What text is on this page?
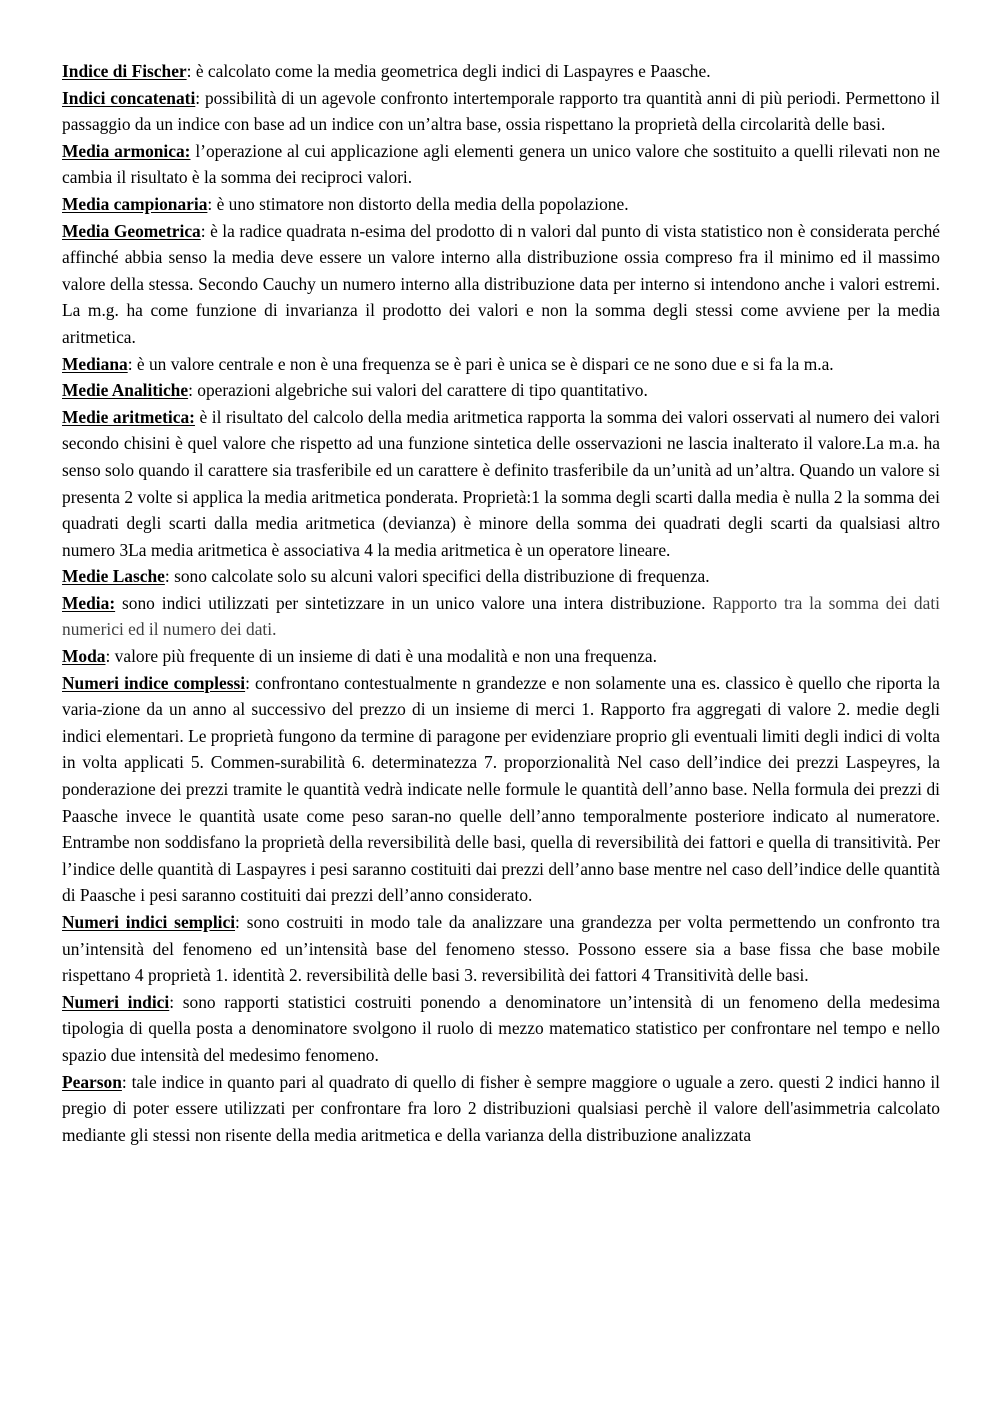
Indice di Fischer: è calcolato come la media geometrica degli indici di Laspayres e Paasche.

Indici concatenati: possibilità di un agevole confronto intertemporale rapporto tra quantità anni di più periodi. Permettono il passaggio da un indice con base ad un indice con un’altra base, ossia rispettano la proprietà della circolarità delle basi.

Media armonica: l’operazione al cui applicazione agli elementi genera un unico valore che sostituito a quelli rilevati non ne cambia il risultato è la somma dei reciproci valori.

Media campionaria: è uno stimatore non distorto della media della popolazione.

Media Geometrica: è la radice quadrata n-esima del prodotto di n valori dal punto di vista statistico non è considerata perché affinché abbia senso la media deve essere un valore interno alla distribuzione ossia compreso fra il minimo ed il massimo valore della stessa. Secondo Cauchy un numero interno alla distribuzione data per interno si intendono anche i valori estremi. La m.g. ha come funzione di invarianza il prodotto dei valori e non la somma degli stessi come avviene per la media aritmetica.

Mediana: è un valore centrale e non è una frequenza se è pari è unica se è dispari ce ne sono due e si fa la m.a.

Medie Analitiche: operazioni algebriche sui valori del carattere di tipo quantitativo.

Medie aritmetica: è il risultato del calcolo della media aritmetica rapporta la somma dei valori osservati al numero dei valori secondo chisini è quel valore che rispetto ad una funzione sintetica delle osservazioni ne lascia inalterato il valore.La m.a. ha senso solo quando il carattere sia trasferibile ed un carattere è definito trasferibile da un’unità ad un’altra. Quando un valore si presenta 2 volte si applica la media aritmetica ponderata. Proprietà:1 la somma degli scarti dalla media è nulla 2 la somma dei quadrati degli scarti dalla media aritmetica (devianza) è minore della somma dei quadrati degli scarti da qualsiasi altro numero 3La media aritmetica è associativa 4 la media aritmetica è un operatore lineare.

Medie Lasche: sono calcolate solo su alcuni valori specifici della distribuzione di frequenza.

Media: sono indici utilizzati per sintetizzare in un unico valore una intera distribuzione. Rapporto tra la somma dei dati numerici ed il numero dei dati.

Moda: valore più frequente di un insieme di dati è una modalità e non una frequenza.

Numeri indice complessi: confrontano contestualmente n grandezze e non solamente una es. classico è quello che riporta la varia-zione da un anno al successivo del prezzo di un insieme di merci 1. Rapporto fra aggregati di valore 2. medie degli indici elementari. Le proprietà fungono da termine di paragone per evidenziare proprio gli eventuali limiti degli indici di volta in volta applicati 5. Commen-surabilità 6. determinatezza 7. proporzionalità Nel caso dell’indice dei prezzi Laspeyres, la ponderazione dei prezzi tramite le quantità vedrà indicate nelle formule le quantità dell’anno base. Nella formula dei prezzi di Paasche invece le quantità usate come peso saran-no quelle dell’anno temporalmente posteriore indicato al numeratore. Entrambe non soddisfano la proprietà della reversibilità delle basi, quella di reversibilità dei fattori e quella di transitività. Per l’indice delle quantità di Laspayres i pesi saranno costituiti dai prezzi dell’anno base mentre nel caso dell’indice delle quantità di Paasche i pesi saranno costituiti dai prezzi dell’anno considerato.

Numeri indici semplici: sono costruiti in modo tale da analizzare una grandezza per volta permettendo un confronto tra un’intensità del fenomeno ed un’intensità base del fenomeno stesso. Possono essere sia a base fissa che base mobile rispettano 4 proprietà 1. identità 2. reversibilità delle basi 3. reversibilità dei fattori 4 Transitività delle basi.

Numeri indici: sono rapporti statistici costruiti ponendo a denominatore un’intensità di un fenomeno della medesima tipologia di quella posta a denominatore svolgono il ruolo di mezzo matematico statistico per confrontare nel tempo e nello spazio due intensità del medesimo fenomeno.

Pearson: tale indice in quanto pari al quadrato di quello di fisher è sempre maggiore o uguale a zero. questi 2 indici hanno il pregio di poter essere utilizzati per confrontare fra loro 2 distribuzioni qualsiasi perchè il valore dell'asimmetria calcolato mediante gli stessi non risente della media aritmetica e della varianza della distribuzione analizzata
